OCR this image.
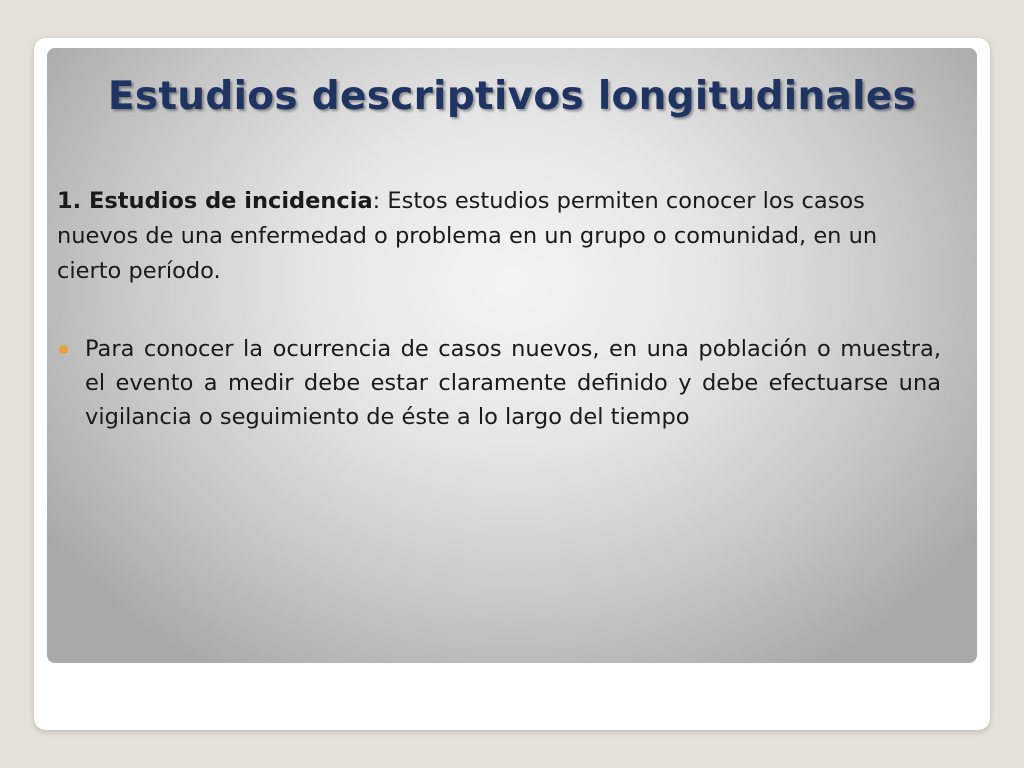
Estudios descriptivos longitudinales

1. Estudios de incidencia: Estos estudios permiten conocer los casos nuevos de una enfermedad o problema en un grupo o comunidad, en un cierto período.

Para conocer la ocurrencia de casos nuevos, en una población o muestra, el evento a medir debe estar claramente definido y debe efectuarse una vigilancia o seguimiento de éste a lo largo del tiempo
